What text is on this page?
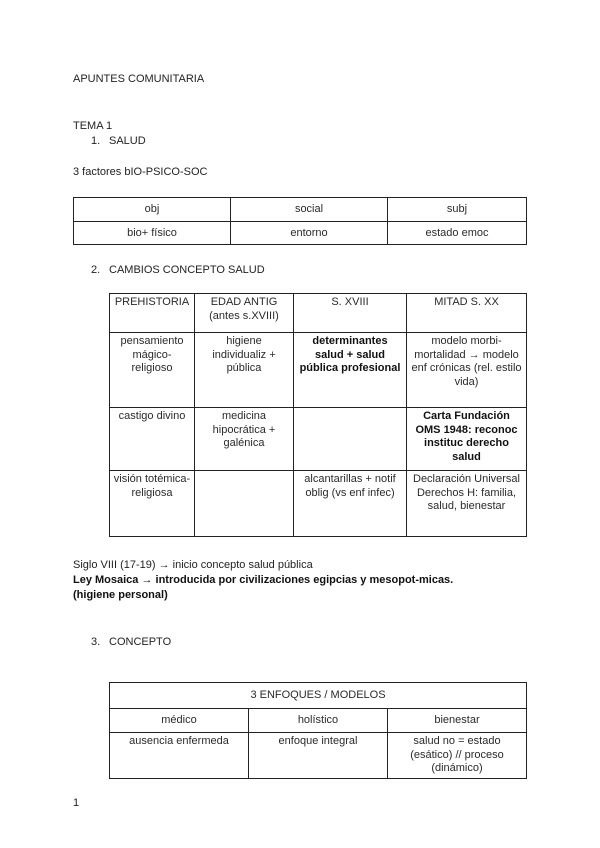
APUNTES COMUNITARIA
TEMA 1
1. SALUD
3 factores bIO-PSICO-SOC
obj	social	subj
bio+ físico	entorno	estado emoc
2. CAMBIOS CONCEPTO SALUD
PREHISTORIA	EDAD ANTIG (antes s.XVIII)	S. XVIII	MITAD S. XX
pensamiento mágico-religioso	higiene individualiz + pública	determinantes salud + salud pública profesional	modelo morbi-mortalidad → modelo enf crónicas (rel. estilo vida)
castigo divino	medicina hipocrática + galénica		Carta Fundación OMS 1948: reconoc instituc derecho salud
visión totémica-religiosa		alcantarillas + notif oblig (vs enf infec)	Declaración Universal Derechos H: familia, salud, bienestar
Siglo VIII (17-19) → inicio concepto salud pública
Ley Mosaica → introducida por civilizaciones egipcias y mesopot-micas.
(higiene personal)
3. CONCEPTO
3 ENFOQUES / MODELOS		
médico	holístico	bienestar
ausencia enfermeda	enfoque integral	salud no = estado (esático) // proceso (dinámico)
1
